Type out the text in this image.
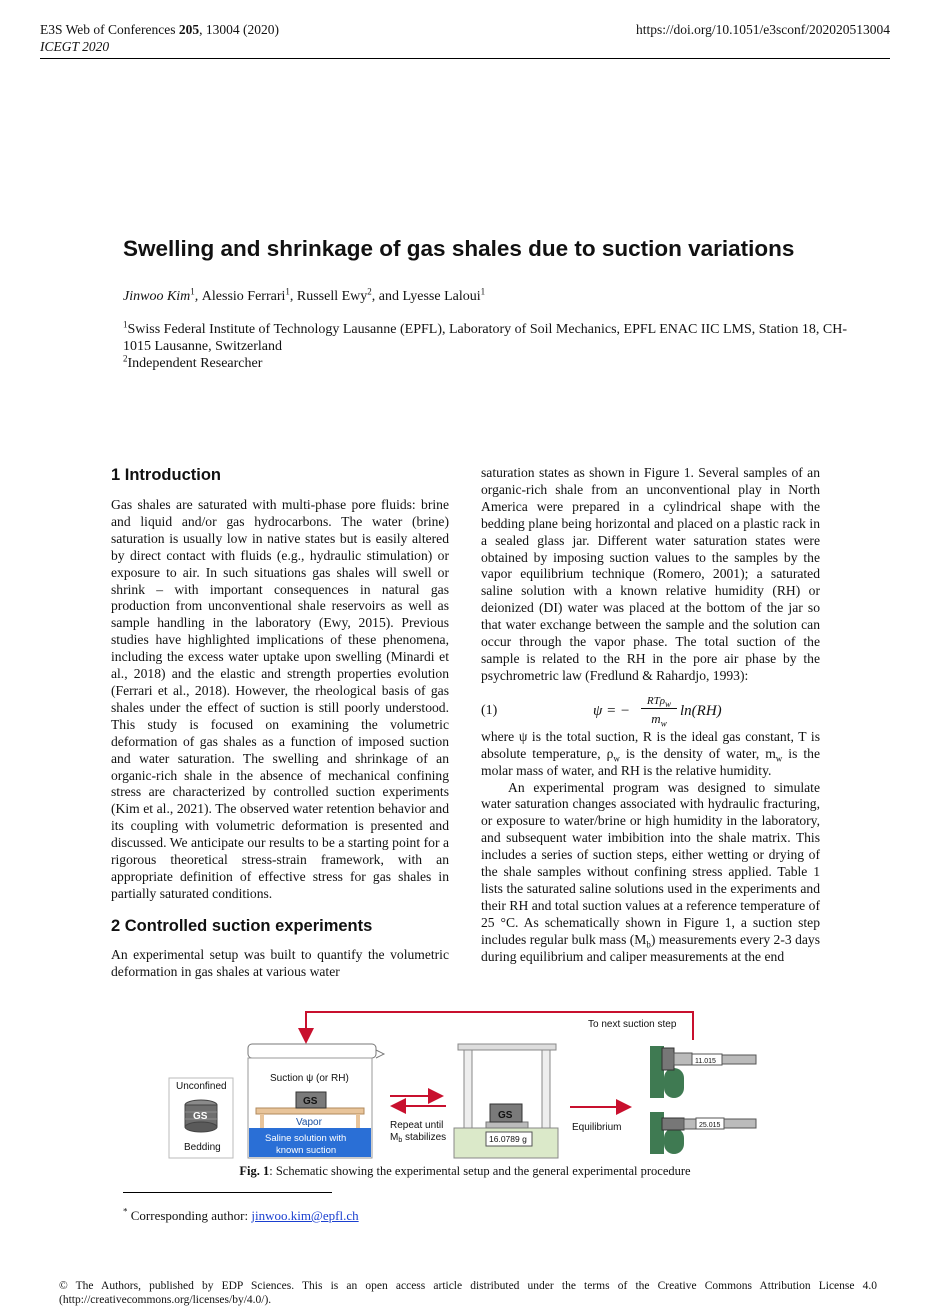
E3S Web of Conferences 205, 13004 (2020)
ICEGT 2020
https://doi.org/10.1051/e3sconf/202020513004
Swelling and shrinkage of gas shales due to suction variations
Jinwoo Kim$^1$, Alessio Ferrari$^1$, Russell Ewy$^2$, and Lyesse Laloui$^1$

$^1$Swiss Federal Institute of Technology Lausanne (EPFL), Laboratory of Soil Mechanics, EPFL ENAC IIC LMS, Station 18, CH-1015 Lausanne, Switzerland

$^2$Independent Researcher

1 Introduction
Gas shales are saturated with multi-phase pore fluids: brine and liquid and/or gas hydrocarbons. The water (brine) saturation is usually low in native states but is easily altered by direct contact with fluids (e.g., hydraulic stimulation) or exposure to air. In such situations gas shales will swell or shrink – with important consequences in natural gas production from unconventional shale reservoirs as well as sample handling in the laboratory (Ewy, 2015). Previous studies have highlighted implications of these phenomena, including the excess water uptake upon swelling (Minardi et al., 2018) and the elastic and strength properties evolution (Ferrari et al., 2018). However, the rheological basis of gas shales under the effect of suction is still poorly understood. This study is focused on examining the volumetric deformation of gas shales as a function of imposed suction and water saturation. The swelling and shrinkage of an organic-rich shale in the absence of mechanical confining stress are characterized by controlled suction experiments (Kim et al., 2021). The observed water retention behavior and its coupling with volumetric deformation is presented and discussed. We anticipate our results to be a starting point for a rigorous theoretical stress-strain framework, with an appropriate definition of effective stress for gas shales in partially saturated conditions.
2 Controlled suction experiments
An experimental setup was built to quantify the volumetric deformation in gas shales at various water
saturation states as shown in Figure 1. Several samples of an organic-rich shale from an unconventional play in North America were prepared in a cylindrical shape with the bedding plane being horizontal and placed on a plastic rack in a sealed glass jar. Different water saturation states were obtained by imposing suction values to the samples by the vapor equilibrium technique (Romero, 2001); a saturated saline solution with a known relative humidity (RH) or deionized (DI) water was placed at the bottom of the jar so that water exchange between the sample and the solution can occur through the vapor phase. The total suction of the sample is related to the RH in the pore air phase by the psychrometric law (Fredlund & Rahardjo, 1993):
(1)	ψ = −
RTρ$_w$
$m_w$
ln(RH)
where ψ is the total suction, R is the ideal gas constant, T is absolute temperature, $\rho_w$ is the density of water, $m_w$ is the molar mass of water, and RH is the relative humidity.
An experimental program was designed to simulate water saturation changes associated with hydraulic fracturing, or exposure to water/brine or high humidity in the laboratory, and subsequent water imbibition into the shale matrix. This includes a series of suction steps, either wetting or drying of the shale samples without confining stress applied. Table 1 lists the saturated saline solutions used in the experiments and their RH and total suction values at a reference temperature of 25 °C. As schematically shown in Figure 1, a suction step includes regular bulk mass $(M_b)$ measurements every 2-3 days during equilibrium and caliper measurements at the end
To next suction step
Unconfined
GS
Bedding
Suction ψ (or RH)
GS
Vapor
Saline solution with
known suction
Repeat until
$M_b$ stabilizes
GS
16.0789 g
Equilibrium
11.015
25.015
Fig. 1: Schematic showing the experimental setup and the general experimental procedure
* Corresponding author: jinwoo.kim@epfl.ch
© The Authors, published by EDP Sciences. This is an open access article distributed under the terms of the Creative Commons Attribution License 4.0 (http://creativecommons.org/licenses/by/4.0/).
